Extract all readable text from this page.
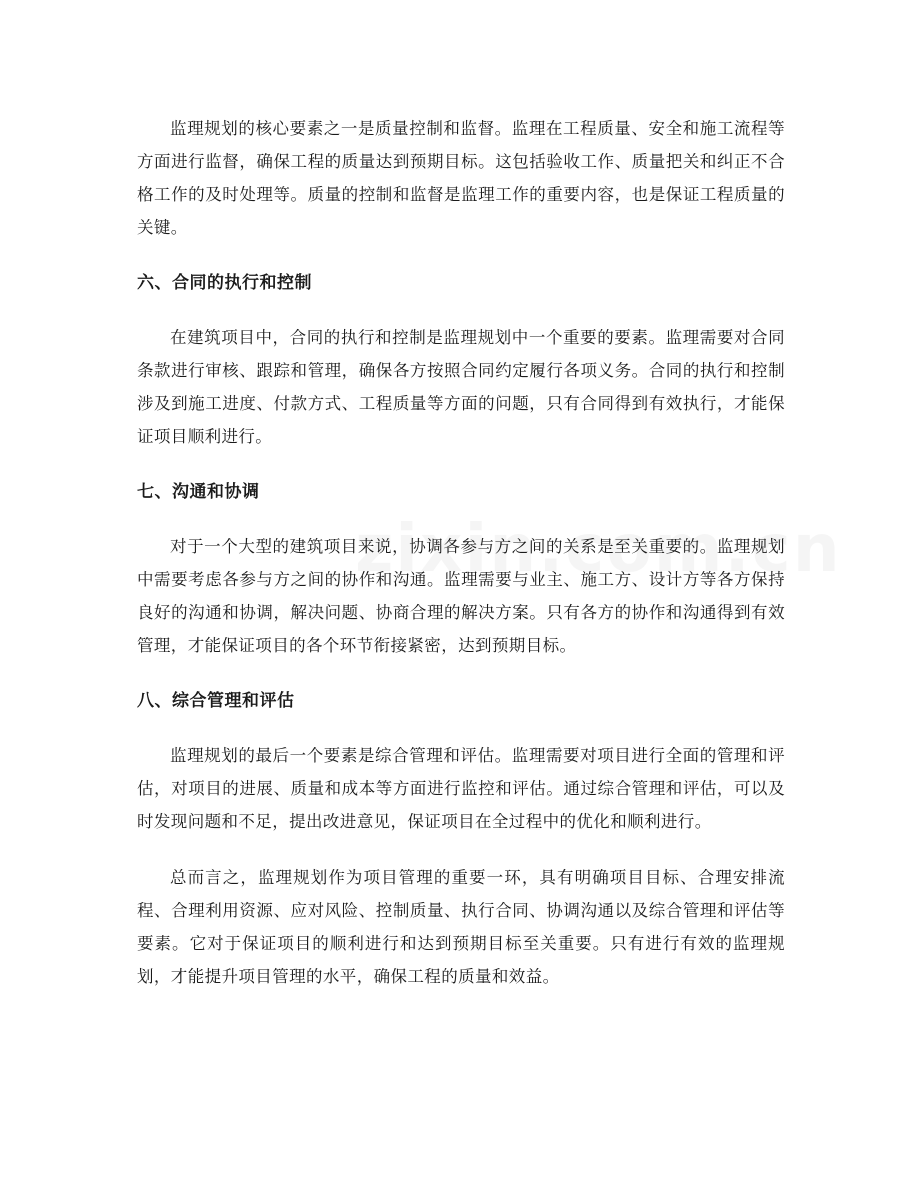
监理规划的核心要素之一是质量控制和监督。监理在工程质量、安全和施工流程等方面进行监督，确保工程的质量达到预期目标。这包括验收工作、质量把关和纠正不合格工作的及时处理等。质量的控制和监督是监理工作的重要内容，也是保证工程质量的关键。

六、合同的执行和控制

在建筑项目中，合同的执行和控制是监理规划中一个重要的要素。监理需要对合同条款进行审核、跟踪和管理，确保各方按照合同约定履行各项义务。合同的执行和控制涉及到施工进度、付款方式、工程质量等方面的问题，只有合同得到有效执行，才能保证项目顺利进行。

七、沟通和协调

对于一个大型的建筑项目来说，协调各参与方之间的关系是至关重要的。监理规划中需要考虑各参与方之间的协作和沟通。监理需要与业主、施工方、设计方等各方保持良好的沟通和协调，解决问题、协商合理的解决方案。只有各方的协作和沟通得到有效管理，才能保证项目的各个环节衔接紧密，达到预期目标。

八、综合管理和评估

监理规划的最后一个要素是综合管理和评估。监理需要对项目进行全面的管理和评估，对项目的进展、质量和成本等方面进行监控和评估。通过综合管理和评估，可以及时发现问题和不足，提出改进意见，保证项目在全过程中的优化和顺利进行。

总而言之，监理规划作为项目管理的重要一环，具有明确项目目标、合理安排流程、合理利用资源、应对风险、控制质量、执行合同、协调沟通以及综合管理和评估等要素。它对于保证项目的顺利进行和达到预期目标至关重要。只有进行有效的监理规划，才能提升项目管理的水平，确保工程的质量和效益。
